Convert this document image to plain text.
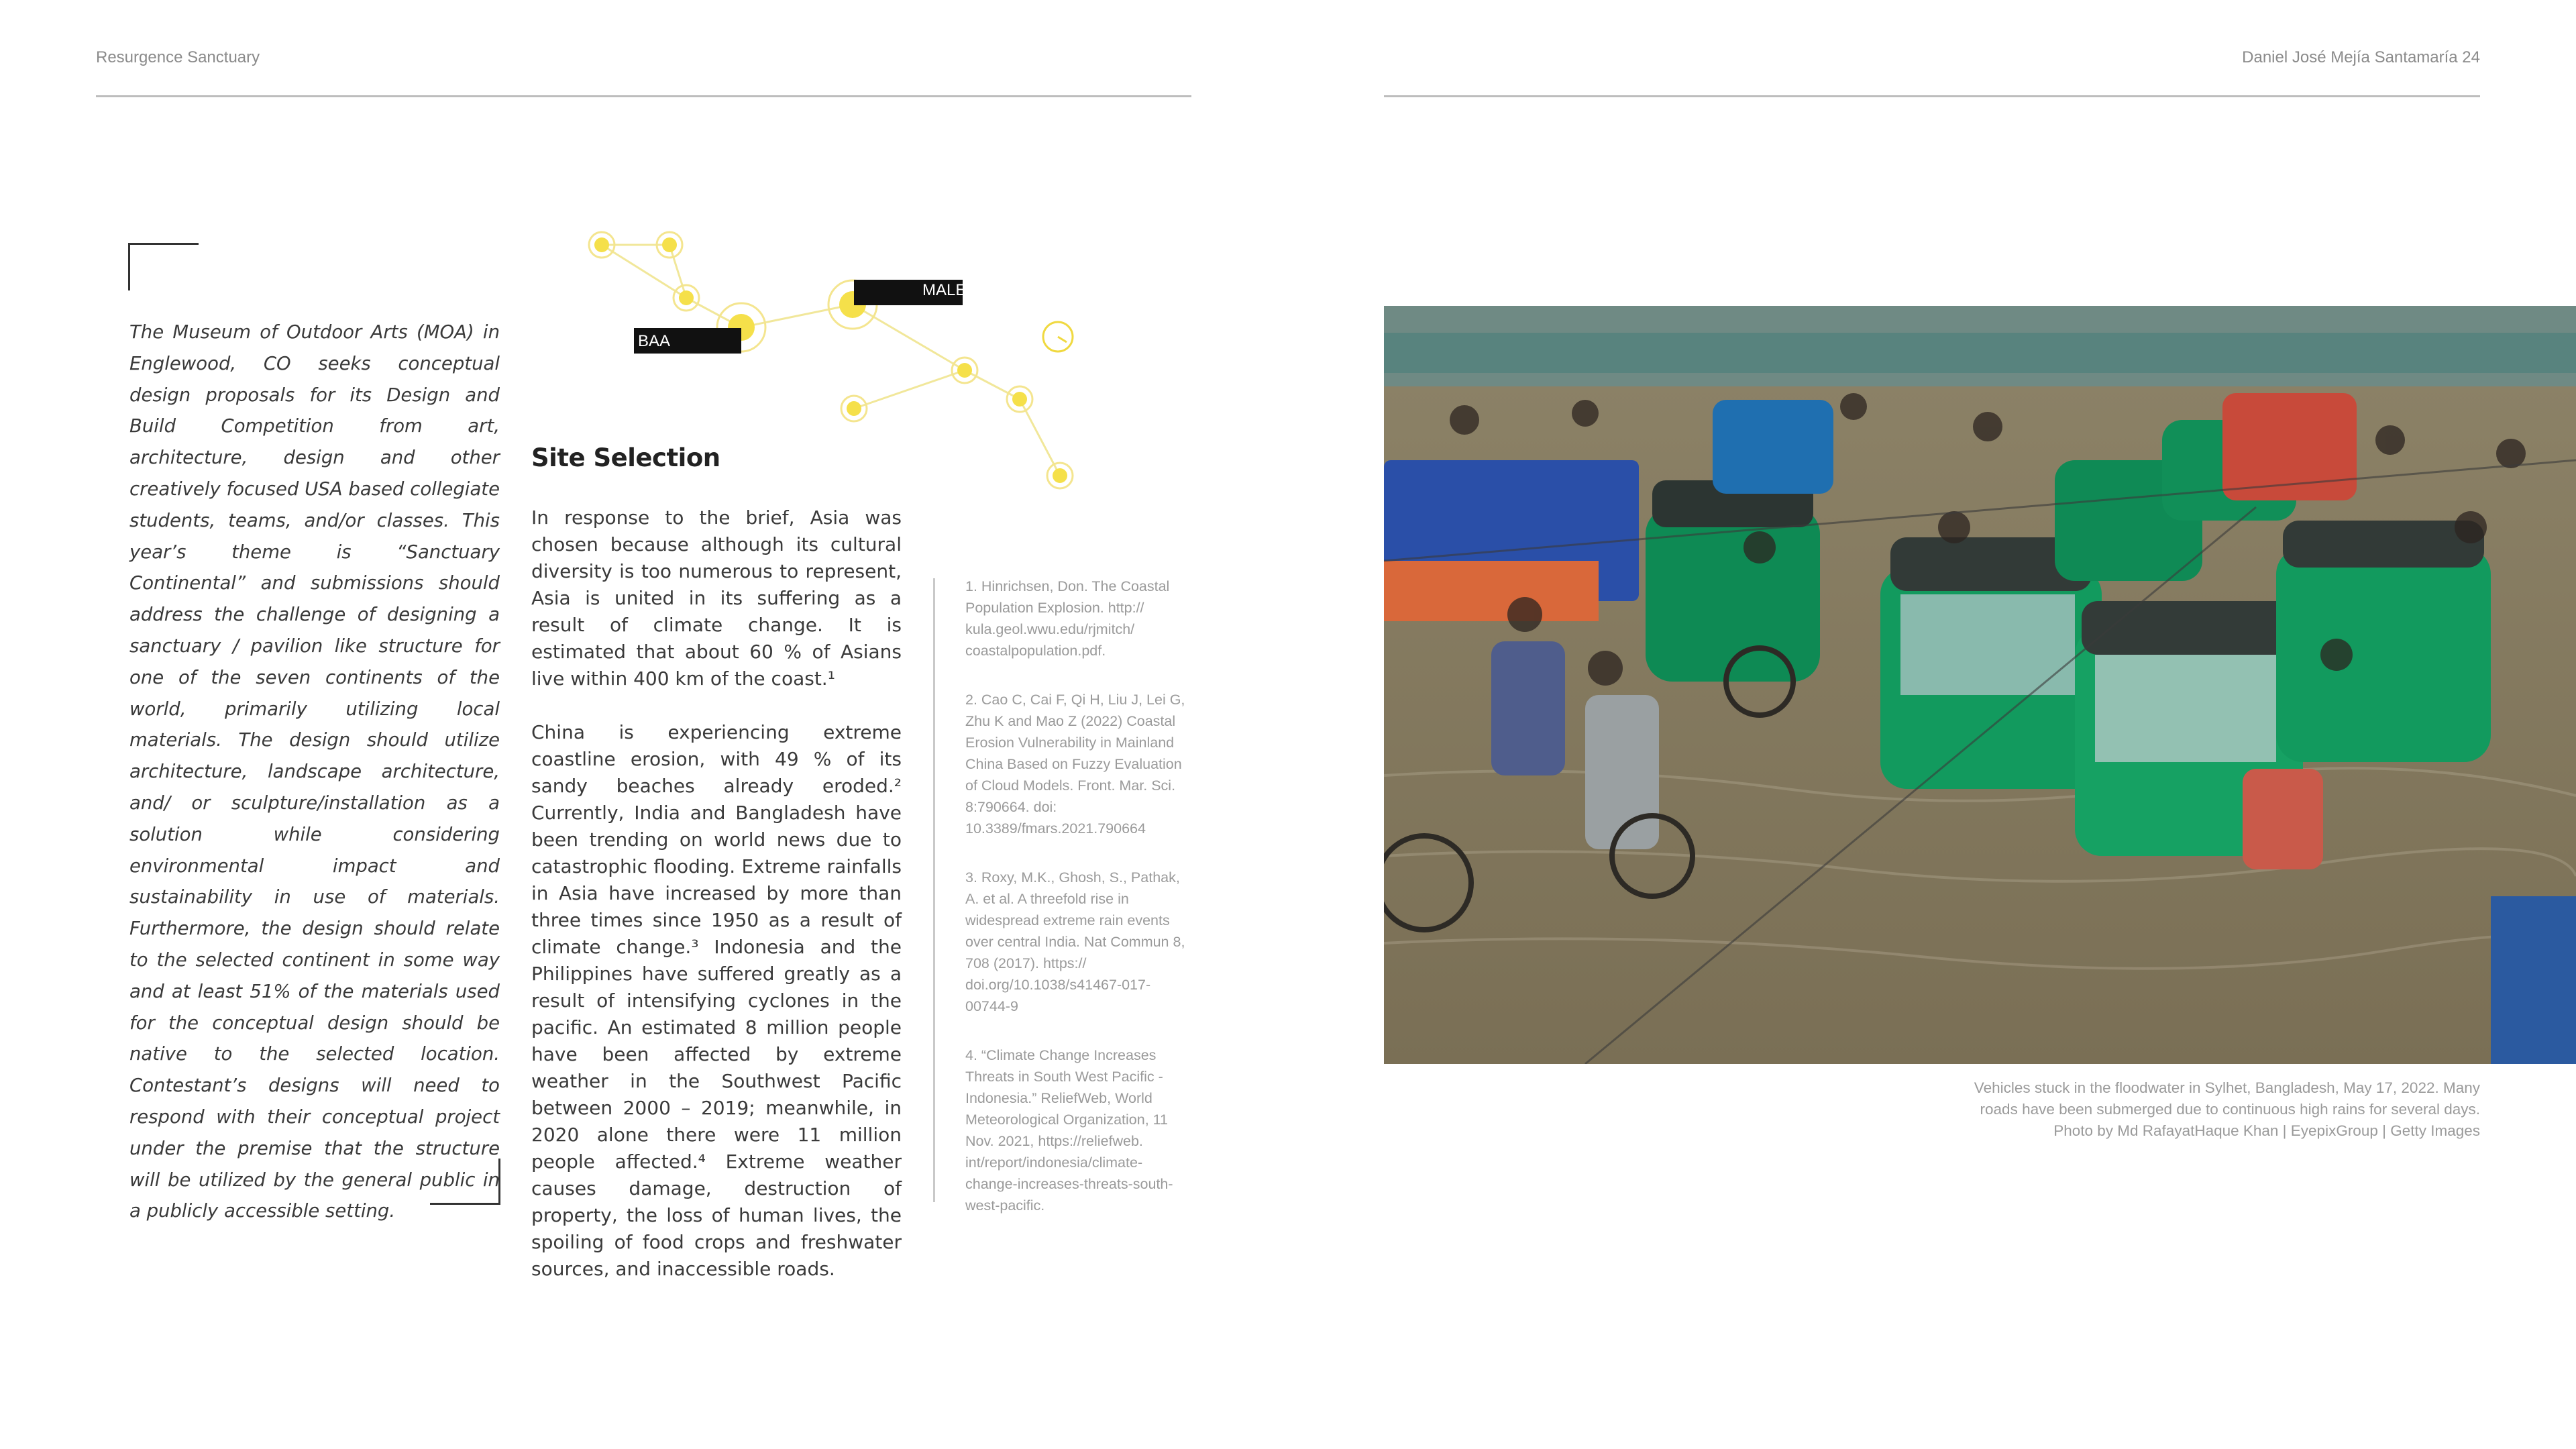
Resurgence Sanctuary	Daniel José Mejía Santamaría 24

The Museum of Outdoor Arts (MOA) in Englewood, CO seeks conceptual design proposals for its Design and Build Competition from art, architecture, design and other creatively focused USA based collegiate students, teams, and/or classes. This year’s theme is “Sanctuary Continental” and submissions should address the challenge of designing a sanctuary / pavilion like structure for one of the seven continents of the world, primarily utilizing local materials. The design should utilize architecture, landscape architecture, and/ or sculpture/installation as a solution while considering environmental impact and sustainability in use of materials. Furthermore, the design should relate to the selected continent in some way and at least 51% of the materials used for the conceptual design should be native to the selected location. Contestant’s designs will need to respond with their conceptual project under the premise that the structure will be utilized by the general public in a publicly accessible setting.

BAA
MALE
Site Selection

In response to the brief, Asia was chosen because although its cultural diversity is too numerous to represent, Asia is united in its suffering as a result of climate change. It is estimated that about 60 % of Asians live within 400 km of the coast.¹

China is experiencing extreme coastline erosion, with 49 % of its sandy beaches already eroded.² Currently, India and Bangladesh have been trending on world news due to catastrophic flooding. Extreme rainfalls in Asia have increased by more than three times since 1950 as a result of climate change.³ Indonesia and the Philippines have suffered greatly as a result of intensifying cyclones in the pacific. An estimated 8 million people have been affected by extreme weather in the Southwest Pacific between 2000 – 2019; meanwhile, in 2020 alone there were 11 million people affected.⁴ Extreme weather causes damage, destruction of property, the loss of human lives, the spoiling of food crops and freshwater sources, and inaccessible roads.

1. Hinrichsen, Don. The Coastal Population Explosion. http:// kula.geol.wwu.edu/rjmitch/ coastalpopulation.pdf.

2. Cao C, Cai F, Qi H, Liu J, Lei G, Zhu K and Mao Z (2022) Coastal Erosion Vulnerability in Mainland China Based on Fuzzy Evaluation of Cloud Models. Front. Mar. Sci. 8:790664. doi: 10.3389/fmars.2021.790664

3. Roxy, M.K., Ghosh, S., Pathak, A. et al. A threefold rise in widespread extreme rain events over central India. Nat Commun 8, 708 (2017). https:// doi.org/10.1038/s41467-017-00744-9

4. “Climate Change Increases Threats in South West Pacific - Indonesia.” ReliefWeb, World Meteorological Organization, 11 Nov. 2021, https://reliefweb. int/report/indonesia/climate-change-increases-threats-south-west-pacific.

Vehicles stuck in the floodwater in Sylhet, Bangladesh, May 17, 2022. Many
roads have been submerged due to continuous high rains for several days.
Photo by Md RafayatHaque Khan | EyepixGroup | Getty Images
